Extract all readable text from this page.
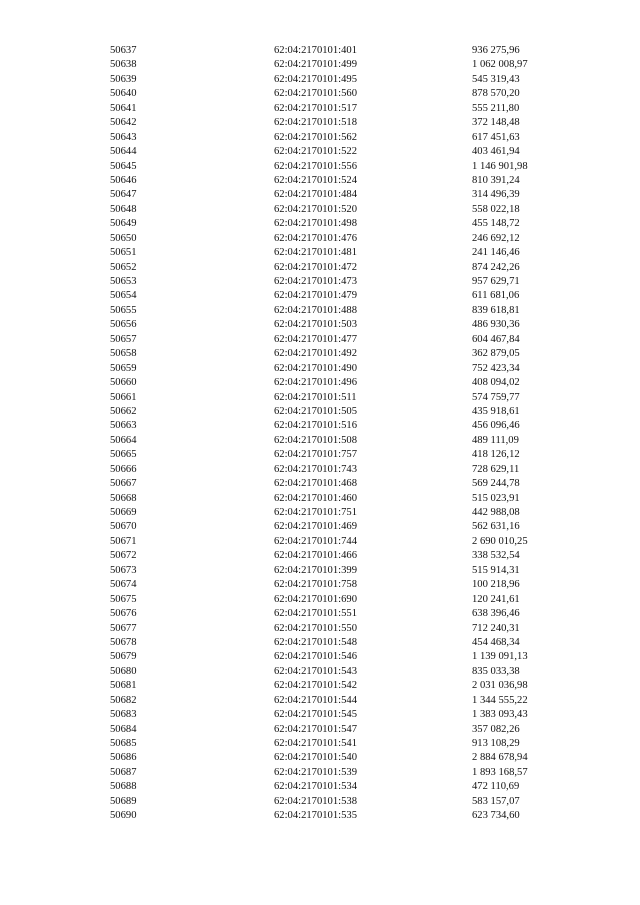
50637	62:04:2170101:401	936 275,96
50638	62:04:2170101:499	1 062 008,97
50639	62:04:2170101:495	545 319,43
50640	62:04:2170101:560	878 570,20
50641	62:04:2170101:517	555 211,80
50642	62:04:2170101:518	372 148,48
50643	62:04:2170101:562	617 451,63
50644	62:04:2170101:522	403 461,94
50645	62:04:2170101:556	1 146 901,98
50646	62:04:2170101:524	810 391,24
50647	62:04:2170101:484	314 496,39
50648	62:04:2170101:520	558 022,18
50649	62:04:2170101:498	455 148,72
50650	62:04:2170101:476	246 692,12
50651	62:04:2170101:481	241 146,46
50652	62:04:2170101:472	874 242,26
50653	62:04:2170101:473	957 629,71
50654	62:04:2170101:479	611 681,06
50655	62:04:2170101:488	839 618,81
50656	62:04:2170101:503	486 930,36
50657	62:04:2170101:477	604 467,84
50658	62:04:2170101:492	362 879,05
50659	62:04:2170101:490	752 423,34
50660	62:04:2170101:496	408 094,02
50661	62:04:2170101:511	574 759,77
50662	62:04:2170101:505	435 918,61
50663	62:04:2170101:516	456 096,46
50664	62:04:2170101:508	489 111,09
50665	62:04:2170101:757	418 126,12
50666	62:04:2170101:743	728 629,11
50667	62:04:2170101:468	569 244,78
50668	62:04:2170101:460	515 023,91
50669	62:04:2170101:751	442 988,08
50670	62:04:2170101:469	562 631,16
50671	62:04:2170101:744	2 690 010,25
50672	62:04:2170101:466	338 532,54
50673	62:04:2170101:399	515 914,31
50674	62:04:2170101:758	100 218,96
50675	62:04:2170101:690	120 241,61
50676	62:04:2170101:551	638 396,46
50677	62:04:2170101:550	712 240,31
50678	62:04:2170101:548	454 468,34
50679	62:04:2170101:546	1 139 091,13
50680	62:04:2170101:543	835 033,38
50681	62:04:2170101:542	2 031 036,98
50682	62:04:2170101:544	1 344 555,22
50683	62:04:2170101:545	1 383 093,43
50684	62:04:2170101:547	357 082,26
50685	62:04:2170101:541	913 108,29
50686	62:04:2170101:540	2 884 678,94
50687	62:04:2170101:539	1 893 168,57
50688	62:04:2170101:534	472 110,69
50689	62:04:2170101:538	583 157,07
50690	62:04:2170101:535	623 734,60
